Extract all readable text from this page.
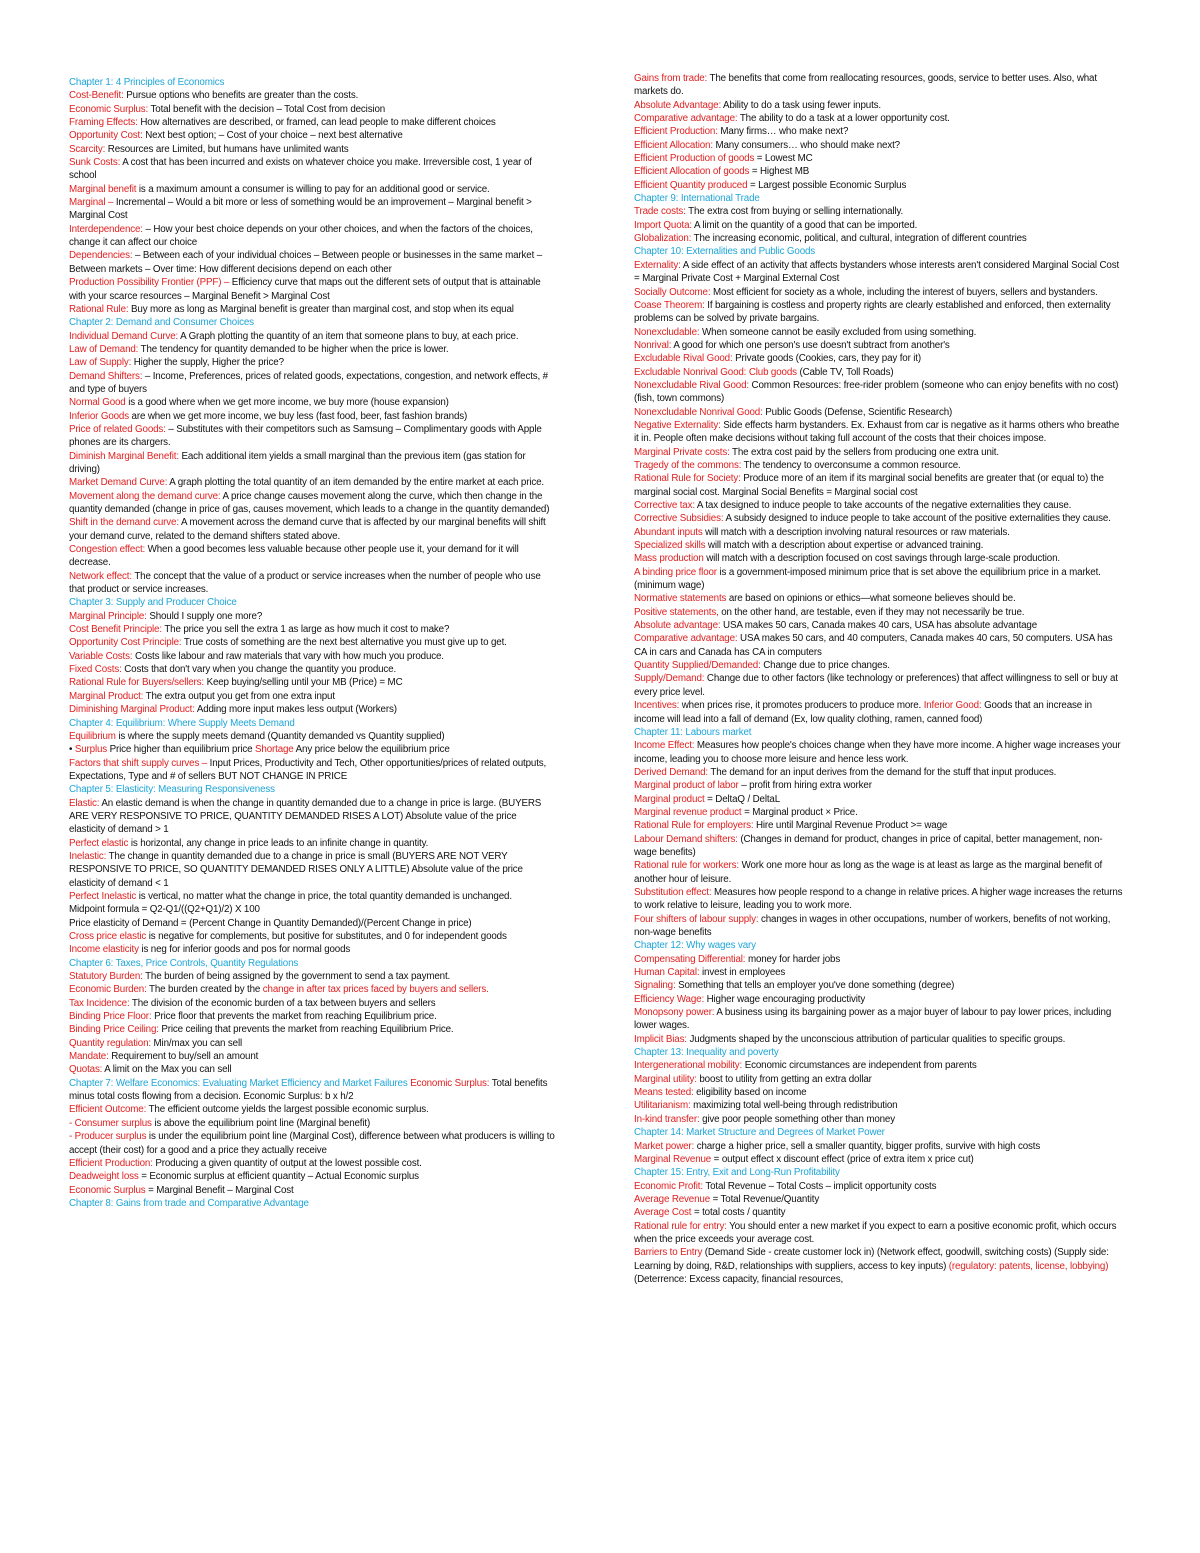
Chapter 1: 4 Principles of Economics
Cost-Benefit: Pursue options who benefits are greater than the costs.
Economic Surplus: Total benefit with the decision – Total Cost from decision
Framing Effects: How alternatives are described, or framed, can lead people to make different choices
Opportunity Cost: Next best option; – Cost of your choice – next best alternative
Scarcity: Resources are Limited, but humans have unlimited wants
Sunk Costs: A cost that has been incurred and exists on whatever choice you make. Irreversible cost, 1 year of school
Marginal benefit is a maximum amount a consumer is willing to pay for an additional good or service.
Marginal – Incremental – Would a bit more or less of something would be an improvement – Marginal benefit > Marginal Cost
Interdependence: – How your best choice depends on your other choices, and when the factors of the choices, change it can affect our choice
Dependencies: – Between each of your individual choices – Between people or businesses in the same market – Between markets – Over time: How different decisions depend on each other
Production Possibility Frontier (PPF) – Efficiency curve that maps out the different sets of output that is attainable with your scarce resources – Marginal Benefit > Marginal Cost
Rational Rule: Buy more as long as Marginal benefit is greater than marginal cost, and stop when its equal
Chapter 2: Demand and Consumer Choices
Individual Demand Curve: A Graph plotting the quantity of an item that someone plans to buy, at each price.
Law of Demand: The tendency for quantity demanded to be higher when the price is lower.
Law of Supply: Higher the supply, Higher the price?
Demand Shifters: – Income, Preferences, prices of related goods, expectations, congestion, and network effects, # and type of buyers
Normal Good is a good where when we get more income, we buy more (house expansion)
Inferior Goods are when we get more income, we buy less (fast food, beer, fast fashion brands)
Price of related Goods: – Substitutes with their competitors such as Samsung – Complimentary goods with Apple phones are its chargers.
Diminish Marginal Benefit: Each additional item yields a small marginal than the previous item (gas station for driving)
Market Demand Curve: A graph plotting the total quantity of an item demanded by the entire market at each price.
Movement along the demand curve: A price change causes movement along the curve, which then change in the quantity demanded (change in price of gas, causes movement, which leads to a change in the quantity demanded)
Shift in the demand curve: A movement across the demand curve that is affected by our marginal benefits will shift your demand curve, related to the demand shifters stated above.
Congestion effect: When a good becomes less valuable because other people use it, your demand for it will decrease.
Network effect: The concept that the value of a product or service increases when the number of people who use that product or service increases.
Chapter 3: Supply and Producer Choice
Marginal Principle: Should I supply one more?
Cost Benefit Principle: The price you sell the extra 1 as large as how much it cost to make?
Opportunity Cost Principle: True costs of something are the next best alternative you must give up to get.
Variable Costs: Costs like labour and raw materials that vary with how much you produce.
Fixed Costs: Costs that don't vary when you change the quantity you produce.
Rational Rule for Buyers/sellers: Keep buying/selling until your MB (Price) = MC
Marginal Product: The extra output you get from one extra input
Diminishing Marginal Product: Adding more input makes less output (Workers)
Chapter 4: Equilibrium: Where Supply Meets Demand
Equilibrium is where the supply meets demand (Quantity demanded vs Quantity supplied)
• Surplus Price higher than equilibrium price Shortage Any price below the equilibrium price
Factors that shift supply curves – Input Prices, Productivity and Tech, Other opportunities/prices of related outputs, Expectations, Type and # of sellers BUT NOT CHANGE IN PRICE
Chapter 5: Elasticity: Measuring Responsiveness
Elastic: An elastic demand is when the change in quantity demanded due to a change in price is large. (BUYERS ARE VERY RESPONSIVE TO PRICE, QUANTITY DEMANDED RISES A LOT) Absolute value of the price elasticity of demand > 1
Perfect elastic is horizontal, any change in price leads to an infinite change in quantity.
Inelastic: The change in quantity demanded due to a change in price is small (BUYERS ARE NOT VERY RESPONSIVE TO PRICE, SO QUANTITY DEMANDED RISES ONLY A LITTLE) Absolute value of the price elasticity of demand < 1
Perfect Inelastic is vertical, no matter what the change in price, the total quantity demanded is unchanged.
Midpoint formula = Q2-Q1/((Q2+Q1)/2) X 100
Price elasticity of Demand = (Percent Change in Quantity Demanded)/(Percent Change in price)
Cross price elastic is negative for complements, but positive for substitutes, and 0 for independent goods
Income elasticity is neg for inferior goods and pos for normal goods
Chapter 6: Taxes, Price Controls, Quantity Regulations
Statutory Burden: The burden of being assigned by the government to send a tax payment.
Economic Burden: The burden created by the change in after tax prices faced by buyers and sellers.
Tax Incidence: The division of the economic burden of a tax between buyers and sellers
Binding Price Floor: Price floor that prevents the market from reaching Equilibrium price.
Binding Price Ceiling: Price ceiling that prevents the market from reaching Equilibrium Price.
Quantity regulation: Min/max you can sell
Mandate: Requirement to buy/sell an amount
Quotas: A limit on the Max you can sell
Chapter 7: Welfare Economics: Evaluating Market Efficiency and Market Failures Economic Surplus: Total benefits minus total costs flowing from a decision. Economic Surplus: b x h/2
Efficient Outcome: The efficient outcome yields the largest possible economic surplus.
- Consumer surplus is above the equilibrium point line (Marginal benefit)
- Producer surplus is under the equilibrium point line (Marginal Cost), difference between what producers is willing to accept (their cost) for a good and a price they actually receive
Efficient Production: Producing a given quantity of output at the lowest possible cost.
Deadweight loss = Economic surplus at efficient quantity – Actual Economic surplus
Economic Surplus = Marginal Benefit – Marginal Cost
Chapter 8: Gains from trade and Comparative Advantage
Gains from trade: The benefits that come from reallocating resources, goods, service to better uses. Also, what markets do.
Absolute Advantage: Ability to do a task using fewer inputs.
Comparative advantage: The ability to do a task at a lower opportunity cost.
Efficient Production: Many firms… who make next?
Efficient Allocation: Many consumers… who should make next?
Efficient Production of goods = Lowest MC
Efficient Allocation of goods = Highest MB
Efficient Quantity produced = Largest possible Economic Surplus
Chapter 9: International Trade
Trade costs: The extra cost from buying or selling internationally.
Import Quota: A limit on the quantity of a good that can be imported.
Globalization: The increasing economic, political, and cultural, integration of different countries
Chapter 10: Externalities and Public Goods
Externality: A side effect of an activity that affects bystanders whose interests aren't considered Marginal Social Cost = Marginal Private Cost + Marginal External Cost
Socially Outcome: Most efficient for society as a whole, including the interest of buyers, sellers and bystanders.
Coase Theorem: If bargaining is costless and property rights are clearly established and enforced, then externality problems can be solved by private bargains.
Nonexcludable: When someone cannot be easily excluded from using something.
Nonrival: A good for which one person's use doesn't subtract from another's
Excludable Rival Good: Private goods (Cookies, cars, they pay for it)
Excludable Nonrival Good: Club goods (Cable TV, Toll Roads)
Nonexcludable Rival Good: Common Resources: free-rider problem (someone who can enjoy benefits with no cost) (fish, town commons)
Nonexcludable Nonrival Good: Public Goods (Defense, Scientific Research)
Negative Externality: Side effects harm bystanders. Ex. Exhaust from car is negative as it harms others who breathe it in. People often make decisions without taking full account of the costs that their choices impose.
Marginal Private costs: The extra cost paid by the sellers from producing one extra unit.
Tragedy of the commons: The tendency to overconsume a common resource.
Rational Rule for Society: Produce more of an item if its marginal social benefits are greater that (or equal to) the marginal social cost. Marginal Social Benefits = Marginal social cost
Corrective tax: A tax designed to induce people to take accounts of the negative externalities they cause.
Corrective Subsidies: A subsidy designed to induce people to take account of the positive externalities they cause.
Abundant inputs will match with a description involving natural resources or raw materials.
Specialized skills will match with a description about expertise or advanced training.
Mass production will match with a description focused on cost savings through large-scale production.
A binding price floor is a government-imposed minimum price that is set above the equilibrium price in a market. (minimum wage)
Normative statements are based on opinions or ethics—what someone believes should be.
Positive statements, on the other hand, are testable, even if they may not necessarily be true.
Absolute advantage: USA makes 50 cars, Canada makes 40 cars, USA has absolute advantage
Comparative advantage: USA makes 50 cars, and 40 computers, Canada makes 40 cars, 50 computers. USA has CA in cars and Canada has CA in computers
Quantity Supplied/Demanded: Change due to price changes.
Supply/Demand: Change due to other factors (like technology or preferences) that affect willingness to sell or buy at every price level.
Incentives: when prices rise, it promotes producers to produce more. Inferior Good: Goods that an increase in income will lead into a fall of demand (Ex, low quality clothing, ramen, canned food)
Chapter 11: Labours market
Income Effect: Measures how people's choices change when they have more income. A higher wage increases your income, leading you to choose more leisure and hence less work.
Derived Demand: The demand for an input derives from the demand for the stuff that input produces.
Marginal product of labor – profit from hiring extra worker
Marginal product = DeltaQ / DeltaL
Marginal revenue product = Marginal product × Price.
Rational Rule for employers: Hire until Marginal Revenue Product >= wage
Labour Demand shifters: (Changes in demand for product, changes in price of capital, better management, non-wage benefits)
Rational rule for workers: Work one more hour as long as the wage is at least as large as the marginal benefit of another hour of leisure.
Substitution effect: Measures how people respond to a change in relative prices. A higher wage increases the returns to work relative to leisure, leading you to work more.
Four shifters of labour supply: changes in wages in other occupations, number of workers, benefits of not working, non-wage benefits
Chapter 12: Why wages vary
Compensating Differential: money for harder jobs
Human Capital: invest in employees
Signaling: Something that tells an employer you've done something (degree)
Efficiency Wage: Higher wage encouraging productivity
Monopsony power: A business using its bargaining power as a major buyer of labour to pay lower prices, including lower wages.
Implicit Bias: Judgments shaped by the unconscious attribution of particular qualities to specific groups.
Chapter 13: Inequality and poverty
Intergenerational mobility: Economic circumstances are independent from parents
Marginal utility: boost to utility from getting an extra dollar
Means tested: eligibility based on income
Utilitarianism: maximizing total well-being through redistribution
In-kind transfer: give poor people something other than money
Chapter 14: Market Structure and Degrees of Market Power
Market power: charge a higher price, sell a smaller quantity, bigger profits, survive with high costs
Marginal Revenue = output effect x discount effect (price of extra item x price cut)
Chapter 15: Entry, Exit and Long-Run Profitability
Economic Profit: Total Revenue – Total Costs – implicit opportunity costs
Average Revenue = Total Revenue/Quantity
Average Cost = total costs / quantity
Rational rule for entry: You should enter a new market if you expect to earn a positive economic profit, which occurs when the price exceeds your average cost.
Barriers to Entry (Demand Side - create customer lock in) (Network effect, goodwill, switching costs) (Supply side: Learning by doing, R&D, relationships with suppliers, access to key inputs) (regulatory: patents, license, lobbying) (Deterrence: Excess capacity, financial resources,
